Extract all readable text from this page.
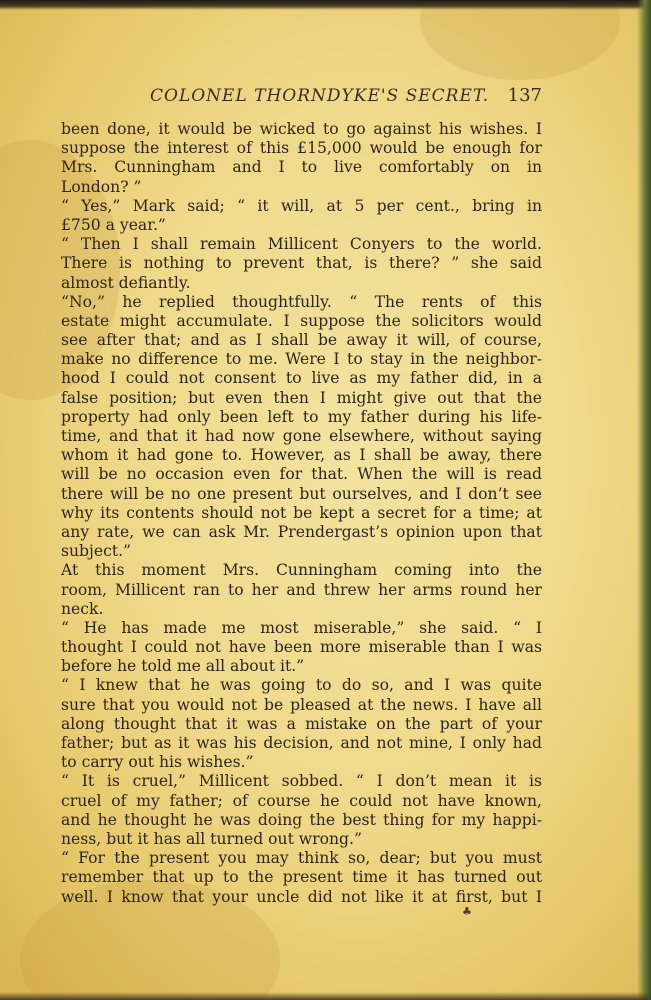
COLONEL THORNDYKE'S SECRET. 137
been done, it would be wicked to go against his wishes. I
suppose the interest of this £15,000 would be enough for
Mrs. Cunningham and I to live comfortably on in
London? ”
“ Yes,” Mark said; “ it will, at 5 per cent., bring in
£750 a year.”
“ Then I shall remain Millicent Conyers to the world.
There is nothing to prevent that, is there? ” she said
almost defiantly.
“No,” he replied thoughtfully. “ The rents of this
estate might accumulate. I suppose the solicitors would
see after that; and as I shall be away it will, of course,
make no difference to me. Were I to stay in the neighbor-
hood I could not consent to live as my father did, in a
false position; but even then I might give out that the
property had only been left to my father during his life-
time, and that it had now gone elsewhere, without saying
whom it had gone to. However, as I shall be away, there
will be no occasion even for that. When the will is read
there will be no one present but ourselves, and I don’t see
why its contents should not be kept a secret for a time; at
any rate, we can ask Mr. Prendergast’s opinion upon that
subject.”
At this moment Mrs. Cunningham coming into the
room, Millicent ran to her and threw her arms round her
neck.
“ He has made me most miserable,” she said. “ I
thought I could not have been more miserable than I was
before he told me all about it.”
“ I knew that he was going to do so, and I was quite
sure that you would not be pleased at the news. I have all
along thought that it was a mistake on the part of your
father; but as it was his decision, and not mine, I only had
to carry out his wishes.”
“ It is cruel,” Millicent sobbed. “ I don’t mean it is
cruel of my father; of course he could not have known,
and he thought he was doing the best thing for my happi-
ness, but it has all turned out wrong.”
“ For the present you may think so, dear; but you must
remember that up to the present time it has turned out
well. I know that your uncle did not like it at first, but I
♣
